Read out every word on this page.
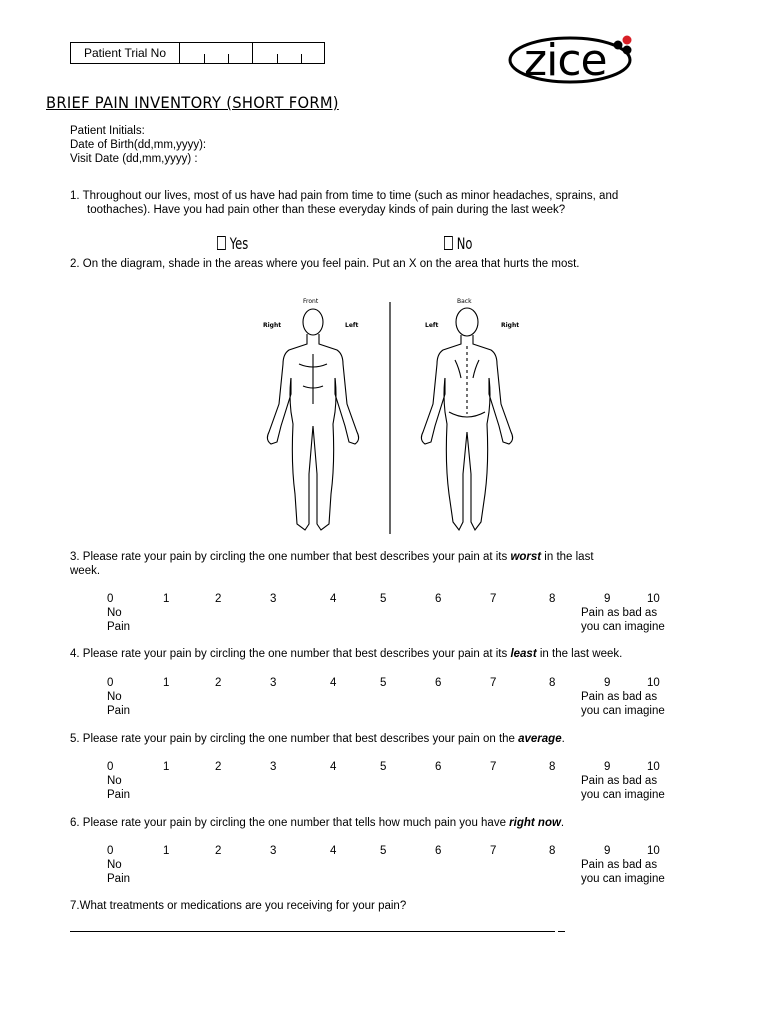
Patient Trial No	zice
BRIEF PAIN INVENTORY (SHORT FORM)
Patient Initials:
Date of Birth(dd,mm,yyyy):
Visit Date (dd,mm,yyyy) :
1. Throughout our lives, most of us have had pain from time to time (such as minor headaches, sprains, and
toothaches). Have you had pain other than these everyday kinds of pain during the last week?
Yes	No
2. On the diagram, shade in the areas where you feel pain. Put an X on the area that hurts the most.
Front	Back
Right	Left	Left	Right
3. Please rate your pain by circling the one number that best describes your pain at its worst in the last
week.
0	1	2	3	4	5	6	7	8	9	10
No
Pain
Pain as bad as
you can imagine
4. Please rate your pain by circling the one number that best describes your pain at its least in the last week.
0	1	2	3	4	5	6	7	8	9	10
No
Pain
Pain as bad as
you can imagine
5. Please rate your pain by circling the one number that best describes your pain on the average.
0	1	2	3	4	5	6	7	8	9	10
No
Pain
Pain as bad as
you can imagine
6. Please rate your pain by circling the one number that tells how much pain you have right now.
0	1	2	3	4	5	6	7	8	9	10
No
Pain
Pain as bad as
you can imagine
7.What treatments or medications are you receiving for your pain?
